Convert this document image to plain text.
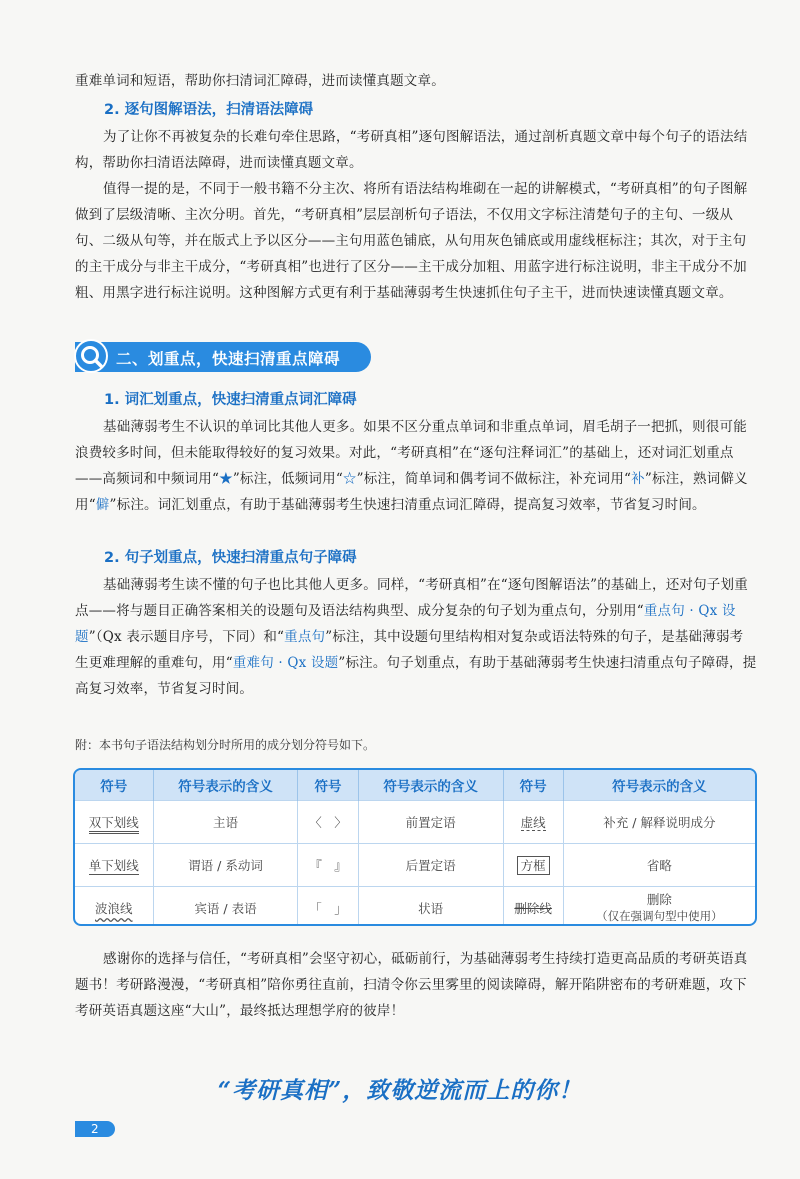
重难单词和短语，帮助你扫清词汇障碍，进而读懂真题文章。

2. 逐句图解语法，扫清语法障碍

为了让你不再被复杂的长难句牵住思路，“考研真相”逐句图解语法，通过剖析真题文章中每个句子的语法结构，帮助你扫清语法障碍，进而读懂真题文章。

值得一提的是，不同于一般书籍不分主次、将所有语法结构堆砌在一起的讲解模式，“考研真相”的句子图解做到了层级清晰、主次分明。首先，“考研真相”层层剖析句子语法，不仅用文字标注清楚句子的主句、一级从句、二级从句等，并在版式上予以区分——主句用蓝色铺底，从句用灰色铺底或用虚线框标注；其次，对于主句的主干成分与非主干成分，“考研真相”也进行了区分——主干成分加粗、用蓝字进行标注说明，非主干成分不加粗、用黑字进行标注说明。这种图解方式更有利于基础薄弱考生快速抓住句子主干，进而快速读懂真题文章。

二、划重点，快速扫清重点障碍

1. 词汇划重点，快速扫清重点词汇障碍

基础薄弱考生不认识的单词比其他人更多。如果不区分重点单词和非重点单词，眉毛胡子一把抓，则很可能浪费较多时间，但未能取得较好的复习效果。对此，“考研真相”在“逐句注释词汇”的基础上，还对词汇划重点——高频词和中频词用“★”标注，低频词用“☆”标注，简单词和偶考词不做标注，补充词用“补”标注，熟词僻义用“僻”标注。词汇划重点，有助于基础薄弱考生快速扫清重点词汇障碍，提高复习效率，节省复习时间。

2. 句子划重点，快速扫清重点句子障碍

基础薄弱考生读不懂的句子也比其他人更多。同样，“考研真相”在“逐句图解语法”的基础上，还对句子划重点——将与题目正确答案相关的设题句及语法结构典型、成分复杂的句子划为重点句，分别用“重点句 · Qx 设题”（Qx 表示题目序号，下同）和“重点句”标注，其中设题句里结构相对复杂或语法特殊的句子，是基础薄弱考生更难理解的重难句，用“重难句 · Qx 设题”标注。句子划重点，有助于基础薄弱考生快速扫清重点句子障碍，提高复习效率，节省复习时间。

附：本书句子语法结构划分时所用的成分划分符号如下。
符号	符号表示的含义	符号	符号表示的含义	符号	符号表示的含义
双下划线	主语	〈　〉	前置定语	虚线	补充 / 解释说明成分
单下划线	谓语 / 系动词	『　』	后置定语	方框	省略
波浪线	宾语 / 表语	「　」	状语	删除线	删除
（仅在强调句型中使用）

感谢你的选择与信任，“考研真相”会坚守初心，砥砺前行，为基础薄弱考生持续打造更高品质的考研英语真题书！考研路漫漫，“考研真相”陪你勇往直前，扫清令你云里雾里的阅读障碍，解开陷阱密布的考研难题，攻下考研英语真题这座“大山”，最终抵达理想学府的彼岸！

“考研真相”，致敬逆流而上的你！
2
